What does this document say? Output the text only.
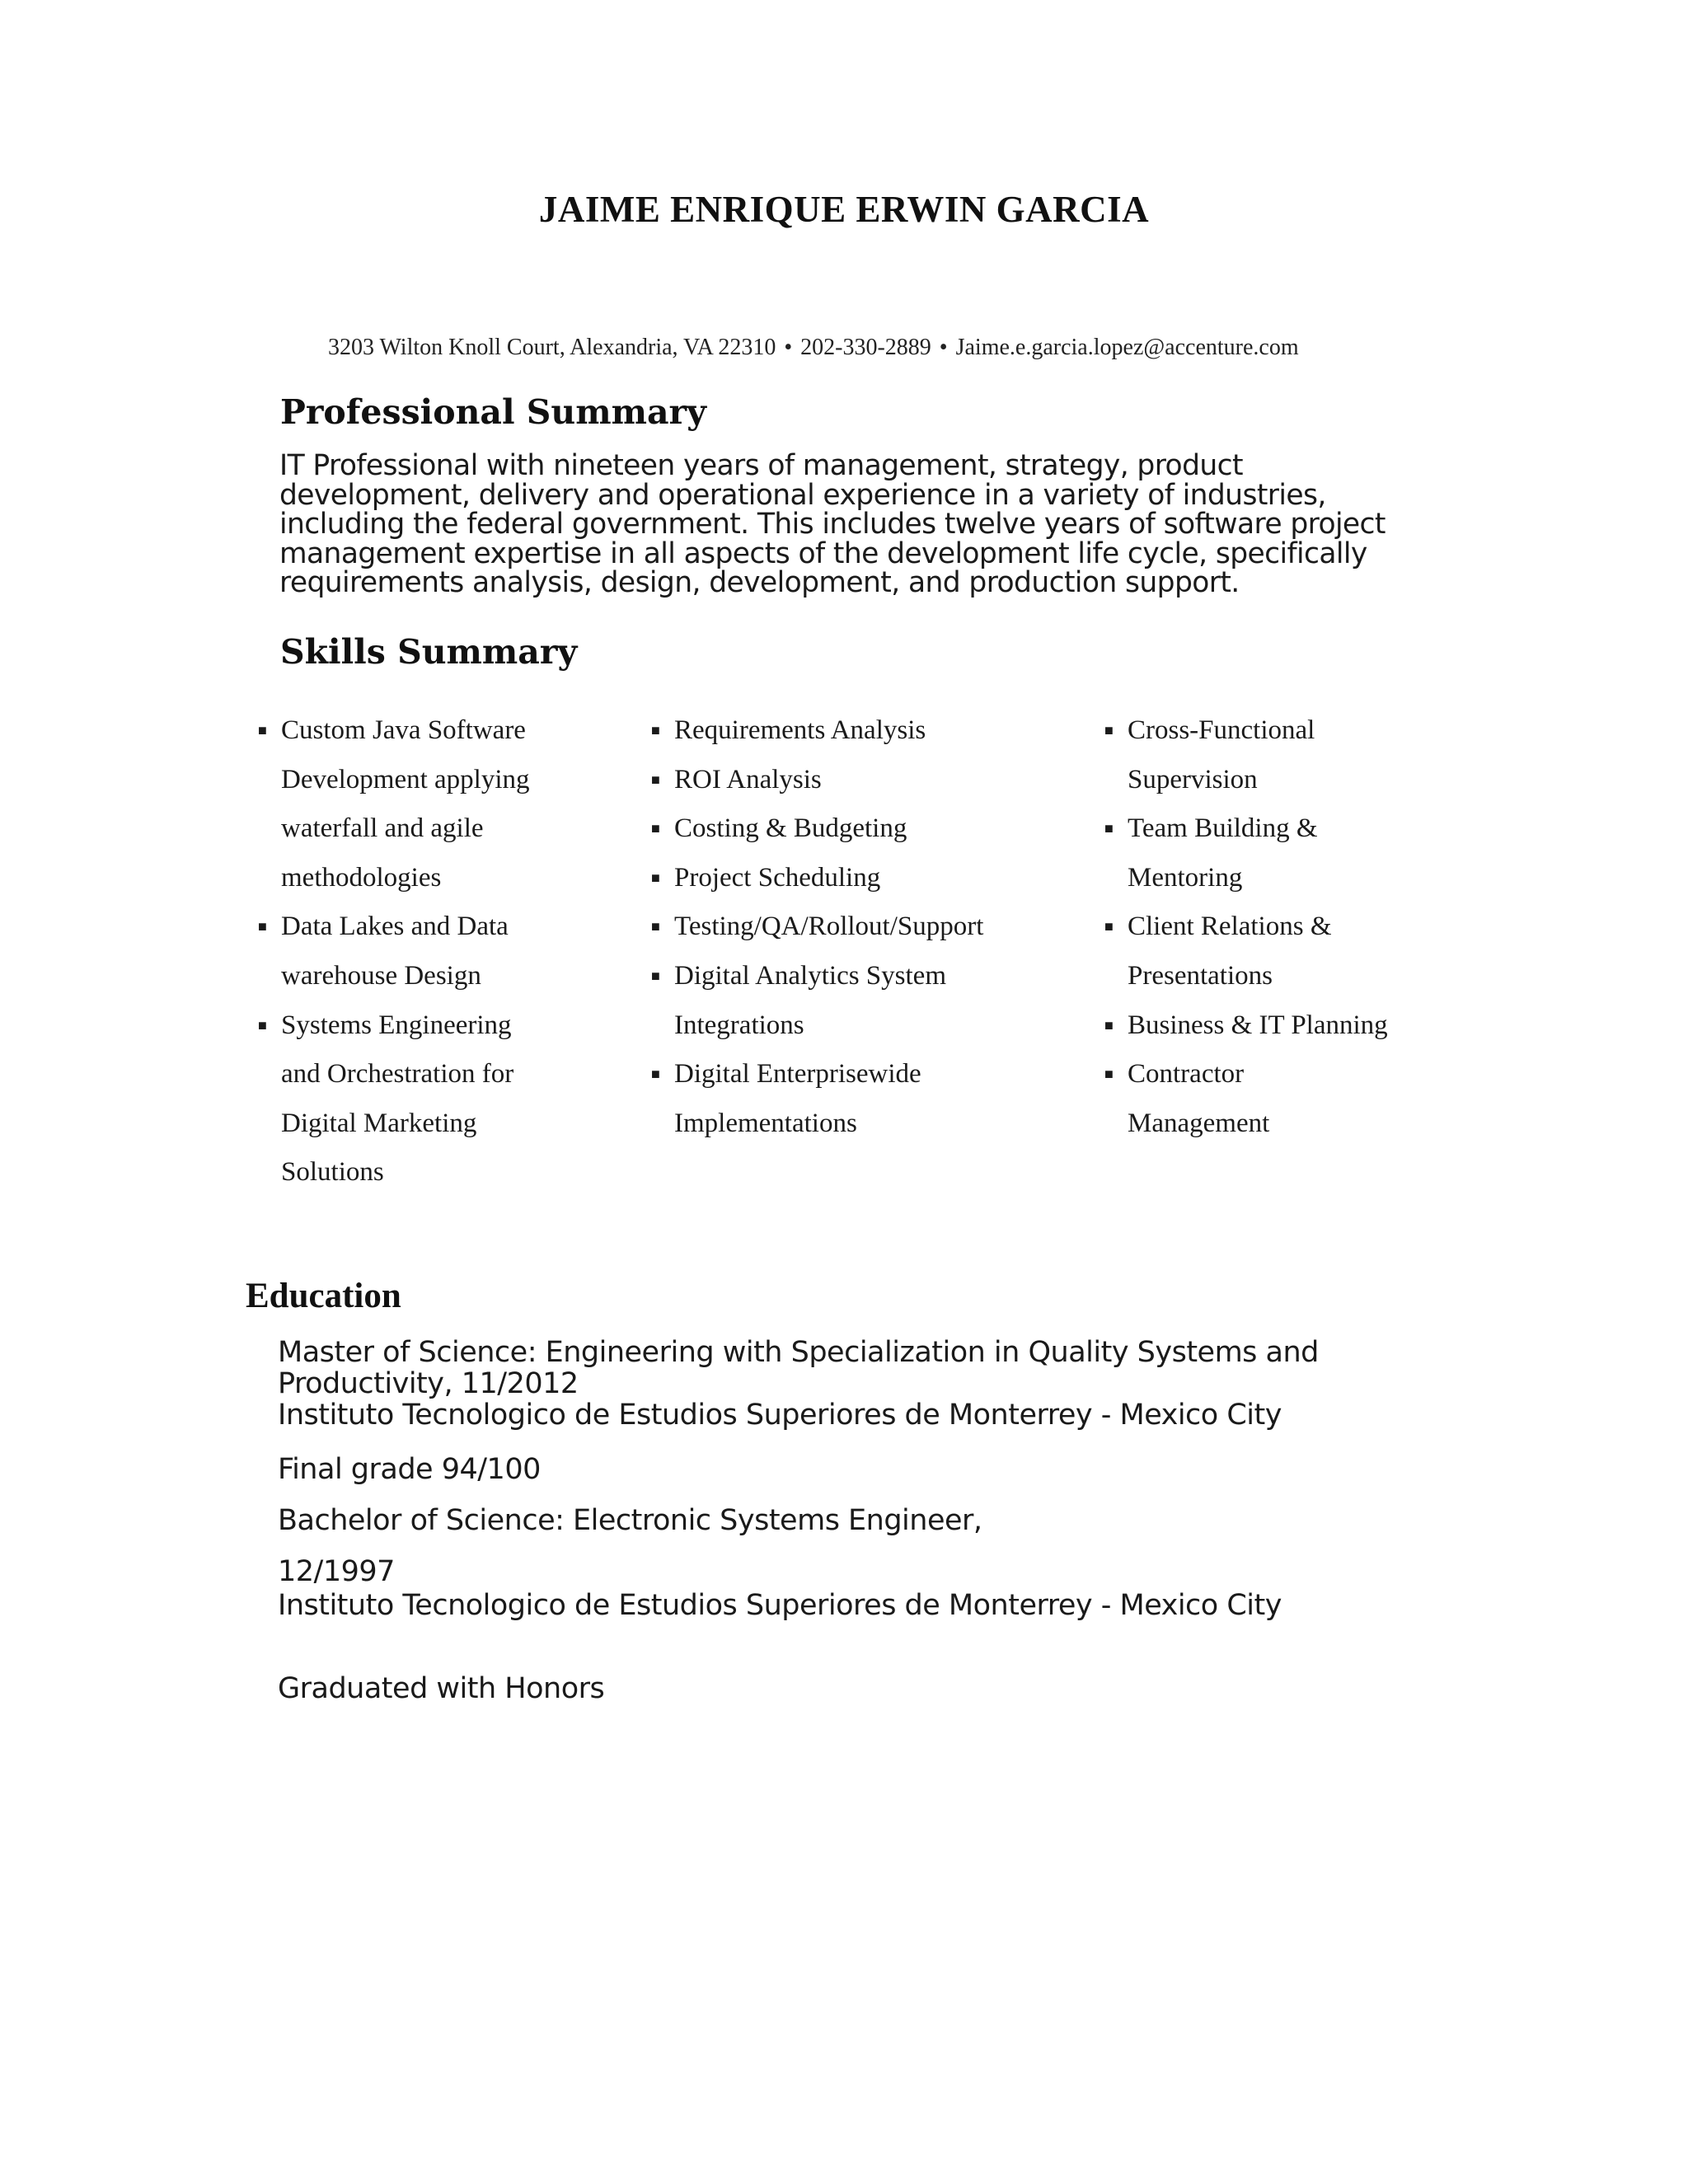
JAIME ENRIQUE ERWIN GARCIA
3203 Wilton Knoll Court, Alexandria, VA 22310 • 202-330-2889 • Jaime.e.garcia.lopez@accenture.com
Professional Summary
IT Professional with nineteen years of management, strategy, product
development, delivery and operational experience in a variety of industries,
including the federal government. This includes twelve years of software project
management expertise in all aspects of the development life cycle, specifically
requirements analysis, design, development, and production support.
Skills Summary
■ Custom Java Software
Development applying
waterfall and agile
methodologies
■ Data Lakes and Data
warehouse Design
■ Systems Engineering
and Orchestration for
Digital Marketing
Solutions
■ Requirements Analysis
■ ROI Analysis
■ Costing & Budgeting
■ Project Scheduling
■ Testing/QA/Rollout/Support
■ Digital Analytics System
Integrations
■ Digital Enterprisewide
Implementations
■ Cross-Functional
Supervision
■ Team Building &
Mentoring
■ Client Relations &
Presentations
■ Business & IT Planning
■ Contractor
Management
Education
Master of Science: Engineering with Specialization in Quality Systems and
Productivity, 11/2012
Instituto Tecnologico de Estudios Superiores de Monterrey - Mexico City
Final grade 94/100
Bachelor of Science: Electronic Systems Engineer,
12/1997
Instituto Tecnologico de Estudios Superiores de Monterrey - Mexico City
Graduated with Honors
